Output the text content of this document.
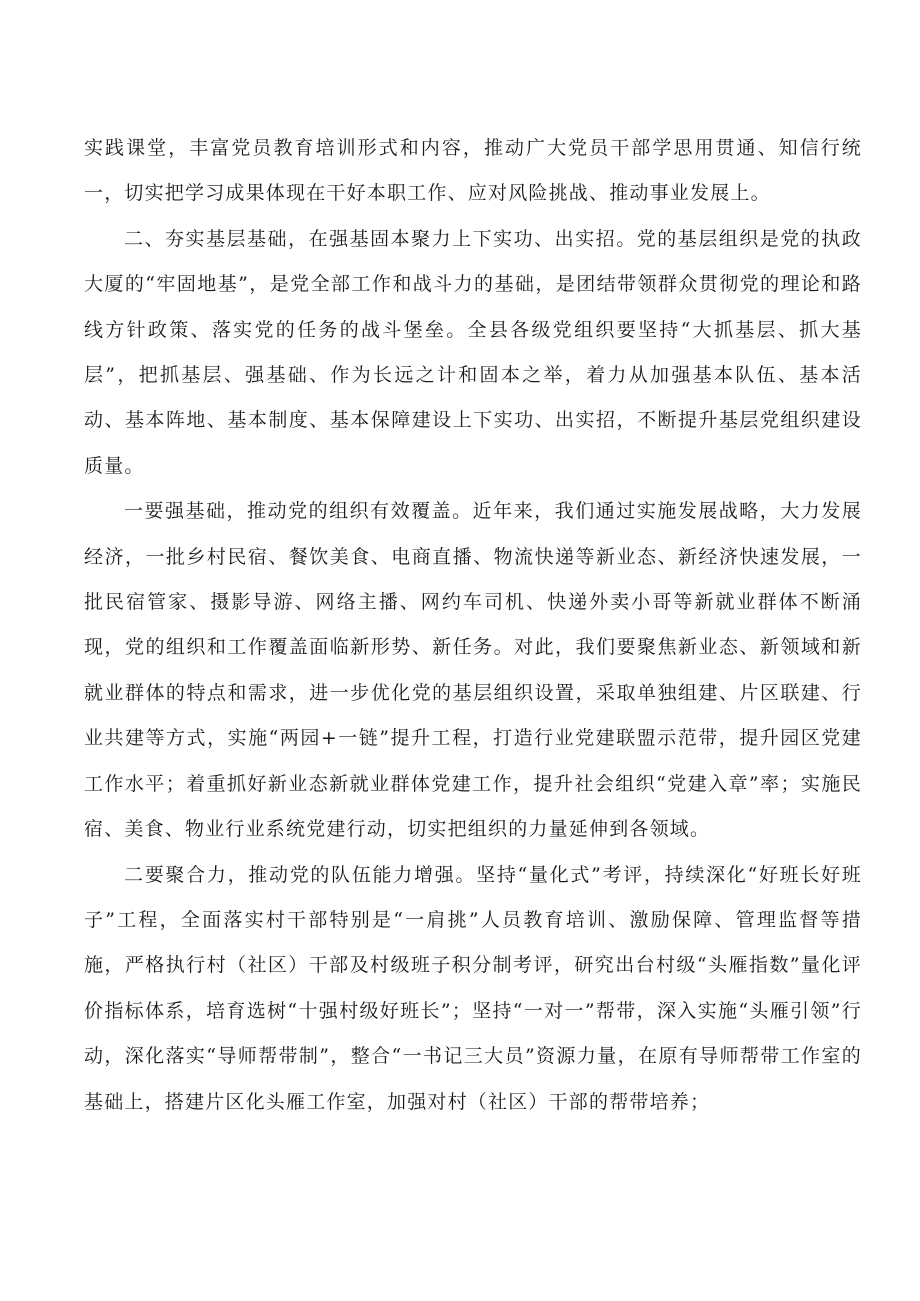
实践课堂，丰富党员教育培训形式和内容，推动广大党员干部学思用贯通、知信行统一，切实把学习成果体现在干好本职工作、应对风险挑战、推动事业发展上。

二、夯实基层基础，在强基固本聚力上下实功、出实招。党的基层组织是党的执政大厦的“牢固地基”，是党全部工作和战斗力的基础，是团结带领群众贯彻党的理论和路线方针政策、落实党的任务的战斗堡垒。全县各级党组织要坚持“大抓基层、抓大基层”，把抓基层、强基础、作为长远之计和固本之举，着力从加强基本队伍、基本活动、基本阵地、基本制度、基本保障建设上下实功、出实招，不断提升基层党组织建设质量。

一要强基础，推动党的组织有效覆盖。近年来，我们通过实施发展战略，大力发展经济，一批乡村民宿、餐饮美食、电商直播、物流快递等新业态、新经济快速发展，一批民宿管家、摄影导游、网络主播、网约车司机、快递外卖小哥等新就业群体不断涌现，党的组织和工作覆盖面临新形势、新任务。对此，我们要聚焦新业态、新领域和新就业群体的特点和需求，进一步优化党的基层组织设置，采取单独组建、片区联建、行业共建等方式，实施“两园+一链”提升工程，打造行业党建联盟示范带，提升园区党建工作水平；着重抓好新业态新就业群体党建工作，提升社会组织“党建入章”率；实施民宿、美食、物业行业系统党建行动，切实把组织的力量延伸到各领域。

二要聚合力，推动党的队伍能力增强。坚持“量化式”考评，持续深化“好班长好班子”工程，全面落实村干部特别是“一肩挑”人员教育培训、激励保障、管理监督等措施，严格执行村（社区）干部及村级班子积分制考评，研究出台村级“头雁指数”量化评价指标体系，培育选树“十强村级好班长”；坚持“一对一”帮带，深入实施“头雁引领”行动，深化落实“导师帮带制”，整合“一书记三大员”资源力量，在原有导师帮带工作室的基础上，搭建片区化头雁工作室，加强对村（社区）干部的帮带培养；
